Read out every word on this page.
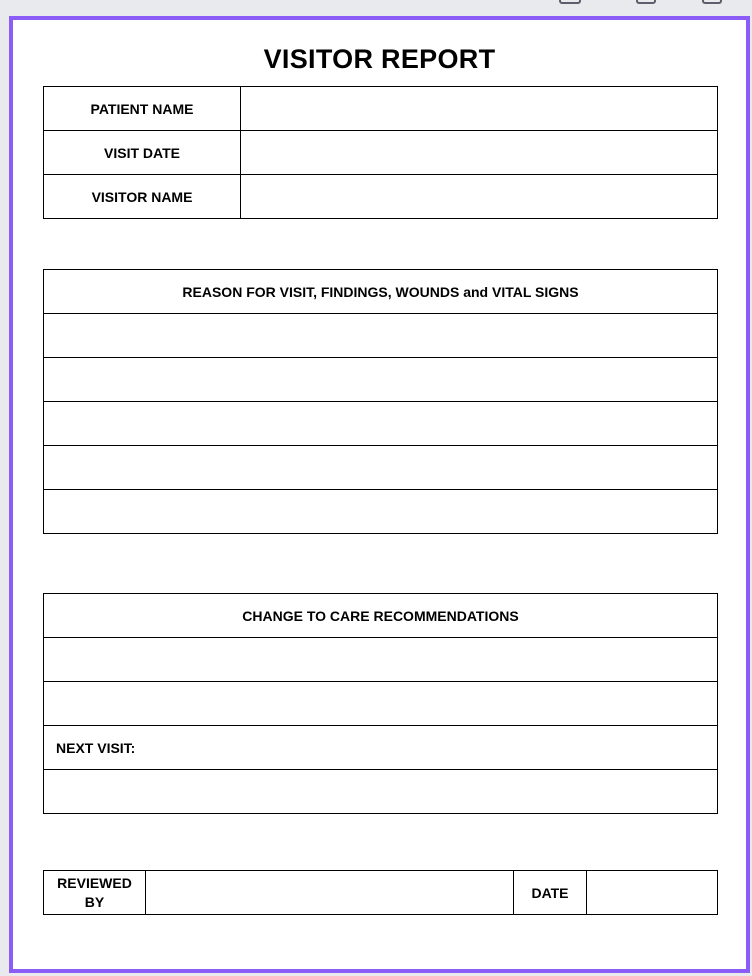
VISITOR REPORT
PATIENT NAME	
VISIT DATE	
VISITOR NAME	
REASON FOR VISIT, FINDINGS, WOUNDS and VITAL SIGNS

CHANGE TO CARE RECOMMENDATIONS

NEXT VISIT:

REVIEWED
BY		DATE	
